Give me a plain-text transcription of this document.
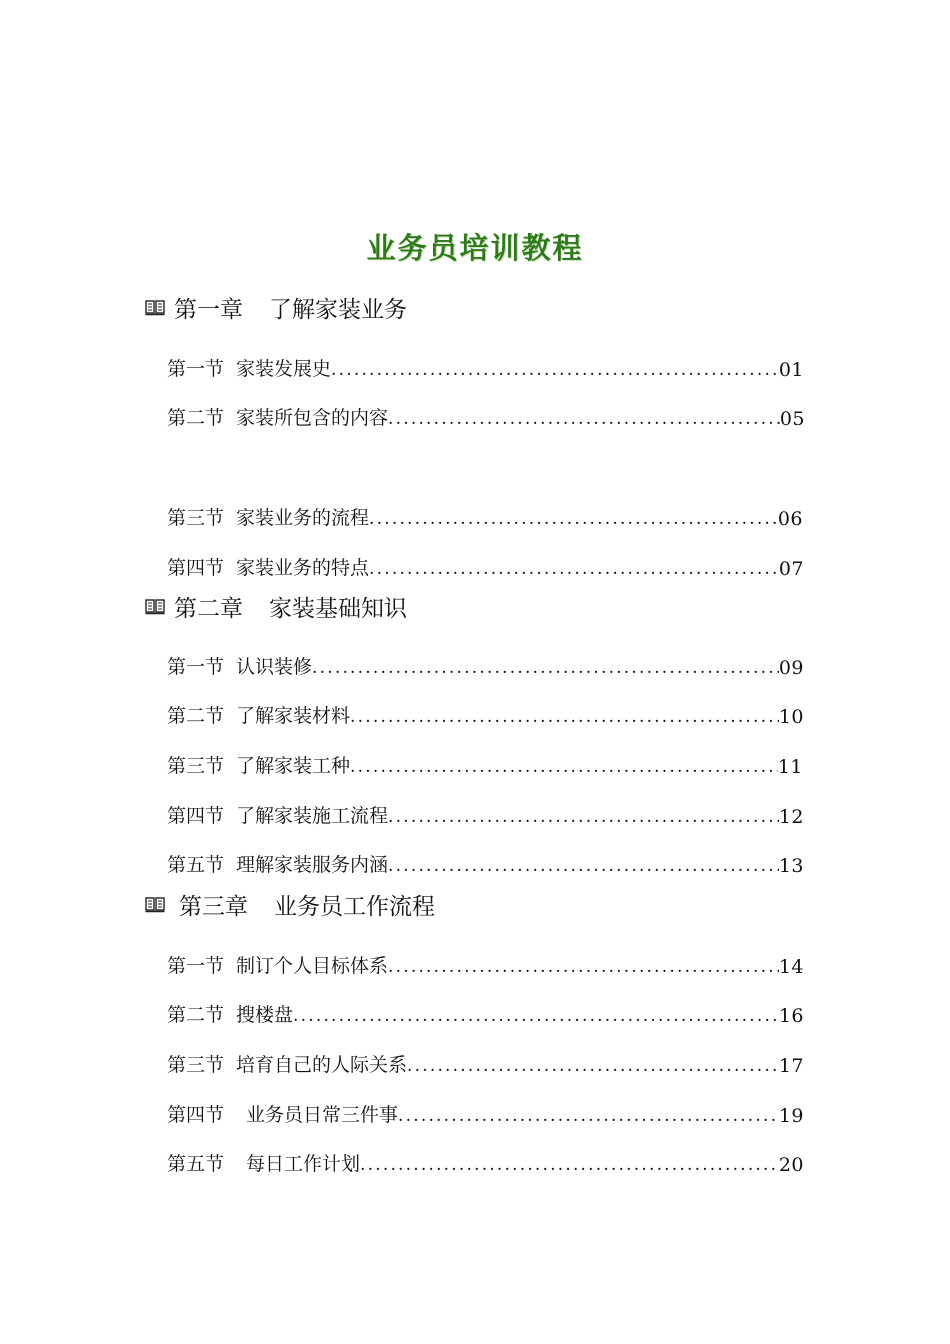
业务员培训教程
第一章 了解家装业务
第一节 家装发展史 .....	01
第二节 家装所包含的内容 .....	05
第三节 家装业务的流程 .....	06
第四节 家装业务的特点 .....	07
第二章 家装基础知识
第一节 认识装修 .....	09
第二节 了解家装材料 .....	10
第三节 了解家装工种 .....	11
第四节 了解家装施工流程 .....	12
第五节 理解家装服务内涵 .....	13
第三章 业务员工作流程
第一节 制订个人目标体系 .....	14
第二节 搜楼盘 .....	16
第三节 培育自己的人际关系 .....	17
第四节 业务员日常三件事 .....	19
第五节 每日工作计划 .....	20
